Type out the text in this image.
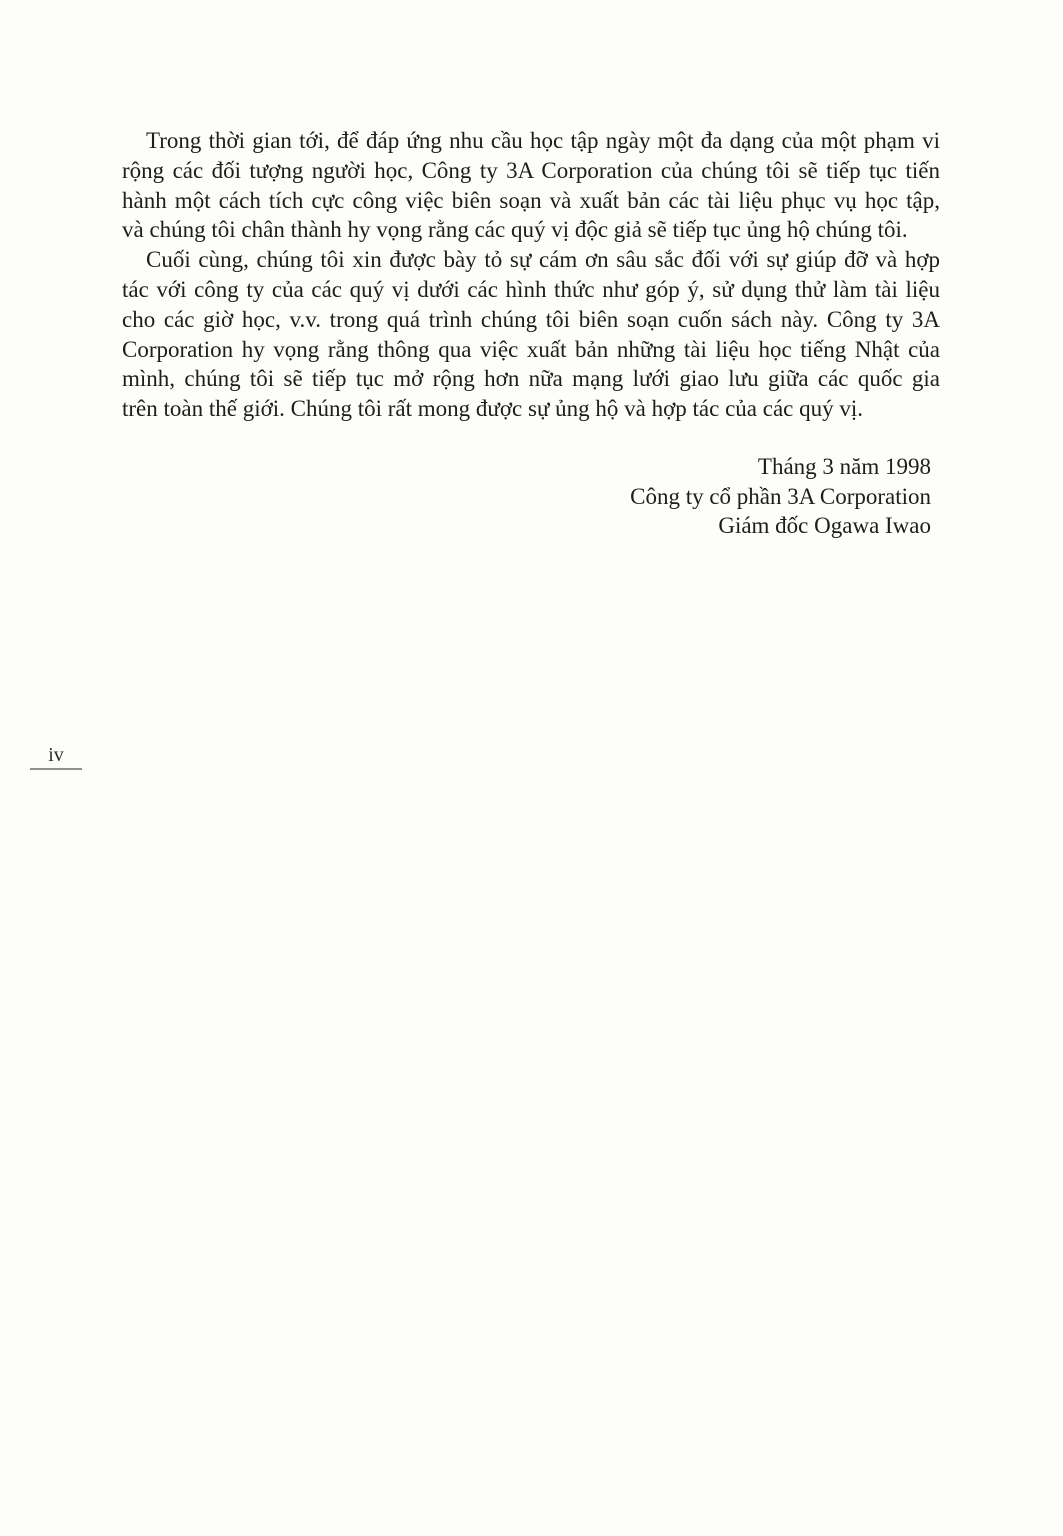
Trong thời gian tới, để đáp ứng nhu cầu học tập ngày một đa dạng của một phạm vi
rộng các đối tượng người học, Công ty 3A Corporation của chúng tôi sẽ tiếp tục tiến
hành một cách tích cực công việc biên soạn và xuất bản các tài liệu phục vụ học tập,
và chúng tôi chân thành hy vọng rằng các quý vị độc giả sẽ tiếp tục ủng hộ chúng tôi.
Cuối cùng, chúng tôi xin được bày tỏ sự cám ơn sâu sắc đối với sự giúp đỡ và hợp
tác với công ty của các quý vị dưới các hình thức như góp ý, sử dụng thử làm tài liệu
cho các giờ học, v.v. trong quá trình chúng tôi biên soạn cuốn sách này. Công ty 3A
Corporation hy vọng rằng thông qua việc xuất bản những tài liệu học tiếng Nhật của
mình, chúng tôi sẽ tiếp tục mở rộng hơn nữa mạng lưới giao lưu giữa các quốc gia
trên toàn thế giới. Chúng tôi rất mong được sự ủng hộ và hợp tác của các quý vị.
Tháng 3 năm 1998
Công ty cổ phần 3A Corporation
Giám đốc Ogawa Iwao
iv
